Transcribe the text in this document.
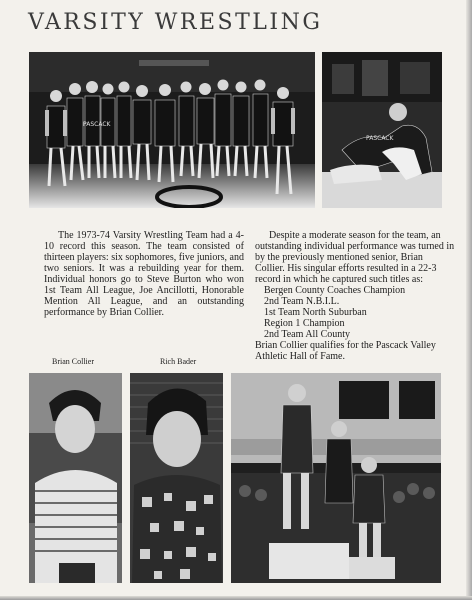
VARSITY WRESTLING
PASCACK
PASCACK

The 1973-74 Varsity Wrestling Team had a 4-10 record this season. The team consisted of thirteen players: six sophomores, five juniors, and two seniors. It was a rebuilding year for them. Individual honors go to Steve Burton who won 1st Team All League, Joe Ancillotti, Honorable Mention All League, and an outstanding performance by Brian Collier.

Despite a moderate season for the team, an outstanding individual performance was turned in by the previously mentioned senior, Brian Collier. His singular efforts resulted in a 22-3 record in which he captured such titles as:

Bergen County Coaches Champion

2nd Team N.B.I.L.

1st Team North Suburban

Region 1 Champion

2nd Team All County

Brian Collier qualifies for the Pascack Valley Athletic Hall of Fame.

Brian Collier	Rich Bader
